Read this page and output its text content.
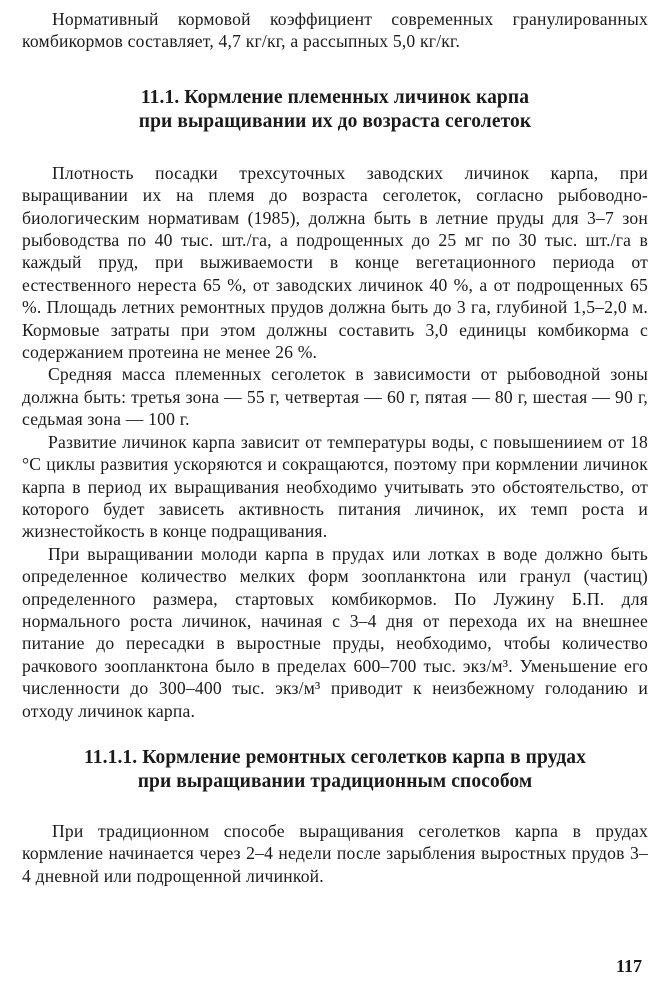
Нормативный кормовой коэффициент современных гранулированных комбикормов составляет, 4,7 кг/кг, а рассыпных 5,0 кг/кг.

11.1. Кормление племенных личинок карпа
при выращивании их до возраста сеголеток

Плотность посадки трехсуточных заводских личинок карпа, при выращивании их на племя до возраста сеголеток, согласно рыбоводно-биологическим нормативам (1985), должна быть в летние пруды для 3–7 зон рыбоводства по 40 тыс. шт./га, а подрощенных до 25 мг по 30 тыс. шт./га в каждый пруд, при выживаемости в конце вегетационного периода от естественного нереста 65 %, от заводских личинок 40 %, а от подрощенных 65 %. Площадь летних ремонтных прудов должна быть до 3 га, глубиной 1,5–2,0 м. Кормовые затраты при этом должны составить 3,0 единицы комбикорма с содержанием протеина не менее 26 %.

Средняя масса племенных сеголеток в зависимости от рыбоводной зоны должна быть: третья зона — 55 г, четвертая — 60 г, пятая — 80 г, шестая — 90 г, седьмая зона — 100 г.

Развитие личинок карпа зависит от температуры воды, с повышениием от 18 °С циклы развития ускоряются и сокращаются, поэтому при кормлении личинок карпа в период их выращивания необходимо учитывать это обстоятельство, от которого будет зависеть активность питания личинок, их темп роста и жизнестойкость в конце подращивания.

При выращивании молоди карпа в прудах или лотках в воде должно быть определенное количество мелких форм зоопланктона или гранул (частиц) определенного размера, стартовых комбикормов. По Лужину Б.П. для нормального роста личинок, начиная с 3–4 дня от перехода их на внешнее питание до пересадки в выростные пруды, необходимо, чтобы количество рачкового зоопланктона было в пределах 600–700 тыс. экз/м³. Уменьшение его численности до 300–400 тыс. экз/м³ приводит к неизбежному голоданию и отходу личинок карпа.

11.1.1. Кормление ремонтных сеголетков карпа в прудах
при выращивании традиционным способом

При традиционном способе выращивания сеголетков карпа в прудах кормление начинается через 2–4 недели после зарыбления выростных прудов 3–4 дневной или подрощенной личинкой.

117
